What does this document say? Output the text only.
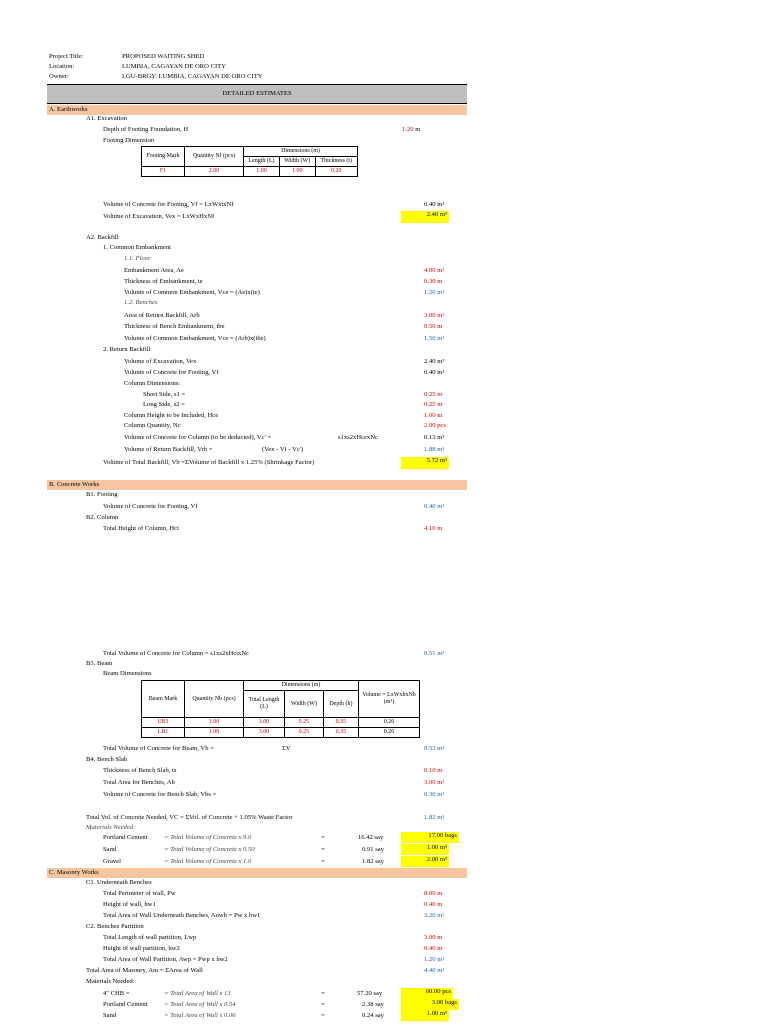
Project Title:	PROPOSED WAITING SHED
Location:	LUMBIA, CAGAYAN DE ORO CITY
Owner:	LGU-BRGY. LUMBIA, CAGAYAN DE ORO CITY
DETAILED ESTIMATES
A. Earthworks
A1. Excavation
Depth of Footing Foundation, H	1.20 m
Footing Dimension
Footing Mark	Quantity Nf (pcs)	Dimensions (m)		
		Length (L)	Width (W)	Thickness (t)
F1	2.00	1.00	1.00	0.20
Volume of Concrete for Footing, Vf = LxWxtxNf	0.40 m³
Volume of Excavation, Vex = LxWxHxNf	2.40 m³
A2. Backfill
1. Common Embankment
1.1. Floor
Embankment Area, Ae	4.00 m²
Thickness of Embankment, te	0.30 m
Volume of Common Embankment, Vce = (Ae)x(te)	1.20 m³
1.2. Benches
Area of Return Backfill, Arb	3.00 m²
Thickness of Bench Embankment, tbe	0.50 m
Volume of Common Embankment, Vce = (Arb)x(tbe)	1.50 m³
2. Return Backfill
Volume of Excavation, Vex	2.40 m³
Volume of Concrete for Footing, Vf	0.40 m³
Column Dimensions:
Short Side, s1 =	0.25 m
Long Side, s2 =	0.25 m
Column Height to be Included, Hce	1.00 m
Column Quantity, Nc	2.00 pcs
Volume of Concrete for Column (to be deducted), Vc' =	s1xs2xHcexNc	0.13 m³
Volume of Return Backfill, Vrb =	(Vex - Vf - Vc')	1.88 m³
Volume of Total Backfill, Vb =ΣVolume of Backfill x 1.25% (Shrinkage Factor)	5.72 m³
B. Concrete Works
B1. Footing
Volume of Concrete for Footing, Vf	0.40 m³
B2. Column
Total Height of Column, Hct	4.10 m
Total Volume of Concrete for Column = s1xs2xHctxNc	0.51 m³
B3. Beam
Beam Dimensions
Beam Mark	Quantity Nb (pcs)	Dimensions (m)			Volume = LxWxhxNb (m³)
		Total Length (L)	Width (W)	Depth (h)	
UB1	1.00	3.00	0.25	0.35	0.26
LB1	1.00	3.00	0.25	0.35	0.26
Total Volume of Concrete for Beam, Vb =	ΣV	0.53 m³
B4. Bench Slab
Thickness of Bench Slab, ts	0.10 m
Total Area for Benches, Ab	3.00 m²
Volume of Concrete for Bench Slab, Vbs =	0.30 m³
Total Vol. of Concrete Needed, VC = ΣVol. of Concrete + 1.05% Waste Factor	1.82 m³
Materials Needed:
Portland Cement = Total Volume of Concrete x 9.0	=	16.42 say	17.00 bags
Sand	= Total Volume of Concrete x 0.50	=	0.91 say	1.00 m³
Gravel	= Total Volume of Concrete x 1.0	=	1.82 say	2.00 m³
C. Masonry Works
C1. Underneath Benches
Total Perimeter of wall, Pw	8.00 m
Height of wall, hw1	0.40 m
Total Area of Wall Underneath Benches, Auwb = Pw x hw1	3.20 m²
C2. Benches Partition
Total Length of wall partition, Lwp	3.00 m
Height of wall partition, hw2	0.40 m
Total Area of Wall Partition, Awp = Pwp x hw2	1.20 m²
Total Area of Masonry, Am = ΣArea of Wall	4.40 m²
Materials Needed:
4" CHB =	= Total Area of Wall x 13	=	57.20 say	60.00 pcs
Portland Cement = Total Area of Wall x 0.54	=	2.38 say	3.00 bags
Sand	= Total Area of Wall x 0.06	=	0.24 say	1.00 m³
